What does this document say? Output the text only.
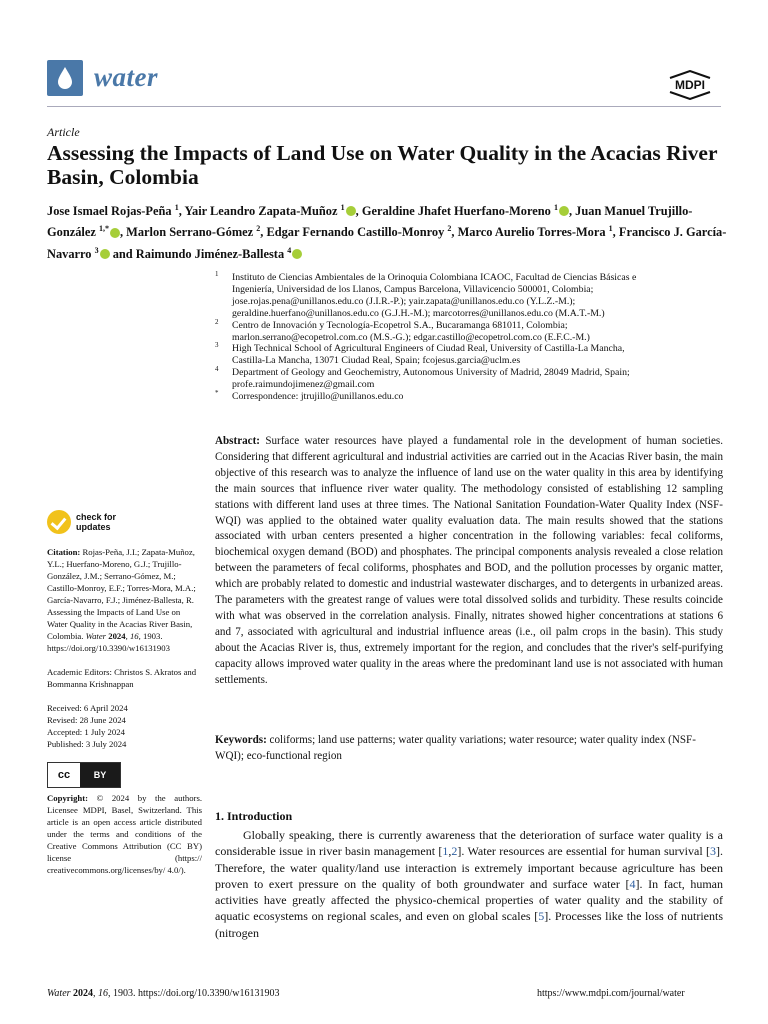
water	MDPI
Article
Assessing the Impacts of Land Use on Water Quality in the Acacias River Basin, Colombia
Jose Ismael Rojas-Peña $^1$, Yair Leandro Zapata-Muñoz $^1$ , Geraldine Jhafet Huerfano-Moreno $^1$ , Juan Manuel Trujillo-González $^{1,*}$ , Marlon Serrano-Gómez $^2$, Edgar Fernando Castillo-Monroy $^2$, Marco Aurelio Torres-Mora $^1$, Francisco J. García-Navarro $^3$ and Raimundo Jiménez-Ballesta $^4$
1 Instituto de Ciencias Ambientales de la Orinoquia Colombiana ICAOC, Facultad de Ciencias Básicas e
Ingeniería, Universidad de los Llanos, Campus Barcelona, Villavicencio 500001, Colombia;
jose.rojas.pena@unillanos.edu.co (J.I.R.-P.); yair.zapata@unillanos.edu.co (Y.L.Z.-M.);
geraldine.huerfano@unillanos.edu.co (G.J.H.-M.); marcotorres@unillanos.edu.co (M.A.T.-M.)
2 Centro de Innovación y Tecnología-Ecopetrol S.A., Bucaramanga 681011, Colombia;
marlon.serrano@ecopetrol.com.co (M.S.-G.); edgar.castillo@ecopetrol.com.co (E.F.C.-M.)
3 High Technical School of Agricultural Engineers of Ciudad Real, University of Castilla-La Mancha,
Castilla-La Mancha, 13071 Ciudad Real, Spain; fcojesus.garcia@uclm.es
4 Department of Geology and Geochemistry, Autonomous University of Madrid, 28049 Madrid, Spain;
profe.raimundojimenez@gmail.com
* Correspondence: jtrujillo@unillanos.edu.co
Abstract: Surface water resources have played a fundamental role in the development of human societies. Considering that different agricultural and industrial activities are carried out in the Acacias River basin, the main objective of this research was to analyze the influence of land use on the water quality in this area by identifying the main sources that influence river water quality. The methodology consisted of establishing 12 sampling stations with different land uses at three times. The National Sanitation Foundation-Water Quality Index (NSF-WQI) was applied to the obtained water quality evaluation data. The main results showed that the stations associated with urban centers presented a higher concentration in the following variables: fecal coliforms, biochemical oxygen demand (BOD) and phosphates. The principal components analysis revealed a close relation between the parameters of fecal coliforms, phosphates and BOD, and the pollution processes by organic matter, which are probably related to domestic and industrial wastewater discharges, and to detergents in urbanized areas. The parameters with the greatest range of values were total dissolved solids and turbidity. These results coincide with what was observed in the correlation analysis. Finally, nitrates showed higher concentrations at stations 6 and 7, associated with agricultural and industrial influence areas (i.e., oil palm crops in the basin). This study about the Acacias River is, thus, extremely important for the region, and concludes that the river's self-purifying capacity allows improved water quality in the areas where the predominant land use is not associated with human settlements.
Keywords: coliforms; land use patterns; water quality variations; water resource; water quality index (NSF-WQI); eco-functional region
check for
updates
Citation: Rojas-Peña, J.I.; Zapata-Muñoz, Y.L.; Huerfano-Moreno, G.J.; Trujillo-González, J.M.; Serrano-Gómez, M.; Castillo-Monroy, E.F.; Torres-Mora, M.A.; García-Navarro, F.J.; Jiménez-Ballesta, R. Assessing the Impacts of Land Use on Water Quality in the Acacias River Basin, Colombia. Water 2024, 16, 1903. https://doi.org/10.3390/w16131903
Academic Editors: Christos S. Akratos and Bommanna Krishnappan
Received: 6 April 2024
Revised: 28 June 2024
Accepted: 1 July 2024
Published: 3 July 2024
cc	BY
Copyright: © 2024 by the authors. Licensee MDPI, Basel, Switzerland. This article is an open access article distributed under the terms and conditions of the Creative Commons Attribution (CC BY) license (https:// creativecommons.org/licenses/by/ 4.0/).
1. Introduction
Globally speaking, there is currently awareness that the deterioration of surface water quality is a considerable issue in river basin management [1,2]. Water resources are essential for human survival [3]. Therefore, the water quality/land use interaction is extremely important because agriculture has been proven to exert pressure on the quality of both groundwater and surface water [4]. In fact, human activities have greatly affected the physico-chemical properties of water quality and the stability of aquatic ecosystems on regional scales, and even on global scales [5]. Processes like the loss of nutrients (nitrogen
Water 2024, 16, 1903. https://doi.org/10.3390/w16131903	https://www.mdpi.com/journal/water
